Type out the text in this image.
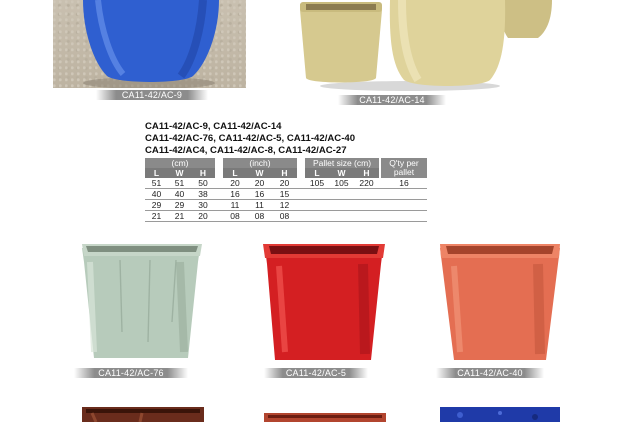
CA11-42/AC-9	CA11-42/AC-14
CA11-42/AC-9, CA11-42/AC-14
CA11-42/AC-76, CA11-42/AC-5, CA11-42/AC-40
CA11-42/AC4, CA11-42/AC-8, CA11-42/AC-27
(cm)				(inch)				Pallet size (cm)				Q'ty per pallet
L	W	H		L	W	H		L	W	H		
51	51	50		20	20	20		105	105	220		16
40	40	38		16	16	15						
29	29	30		11	11	12						
21	21	20		08	08	08						
CA11-42/AC-76	CA11-42/AC-5	CA11-42/AC-40
